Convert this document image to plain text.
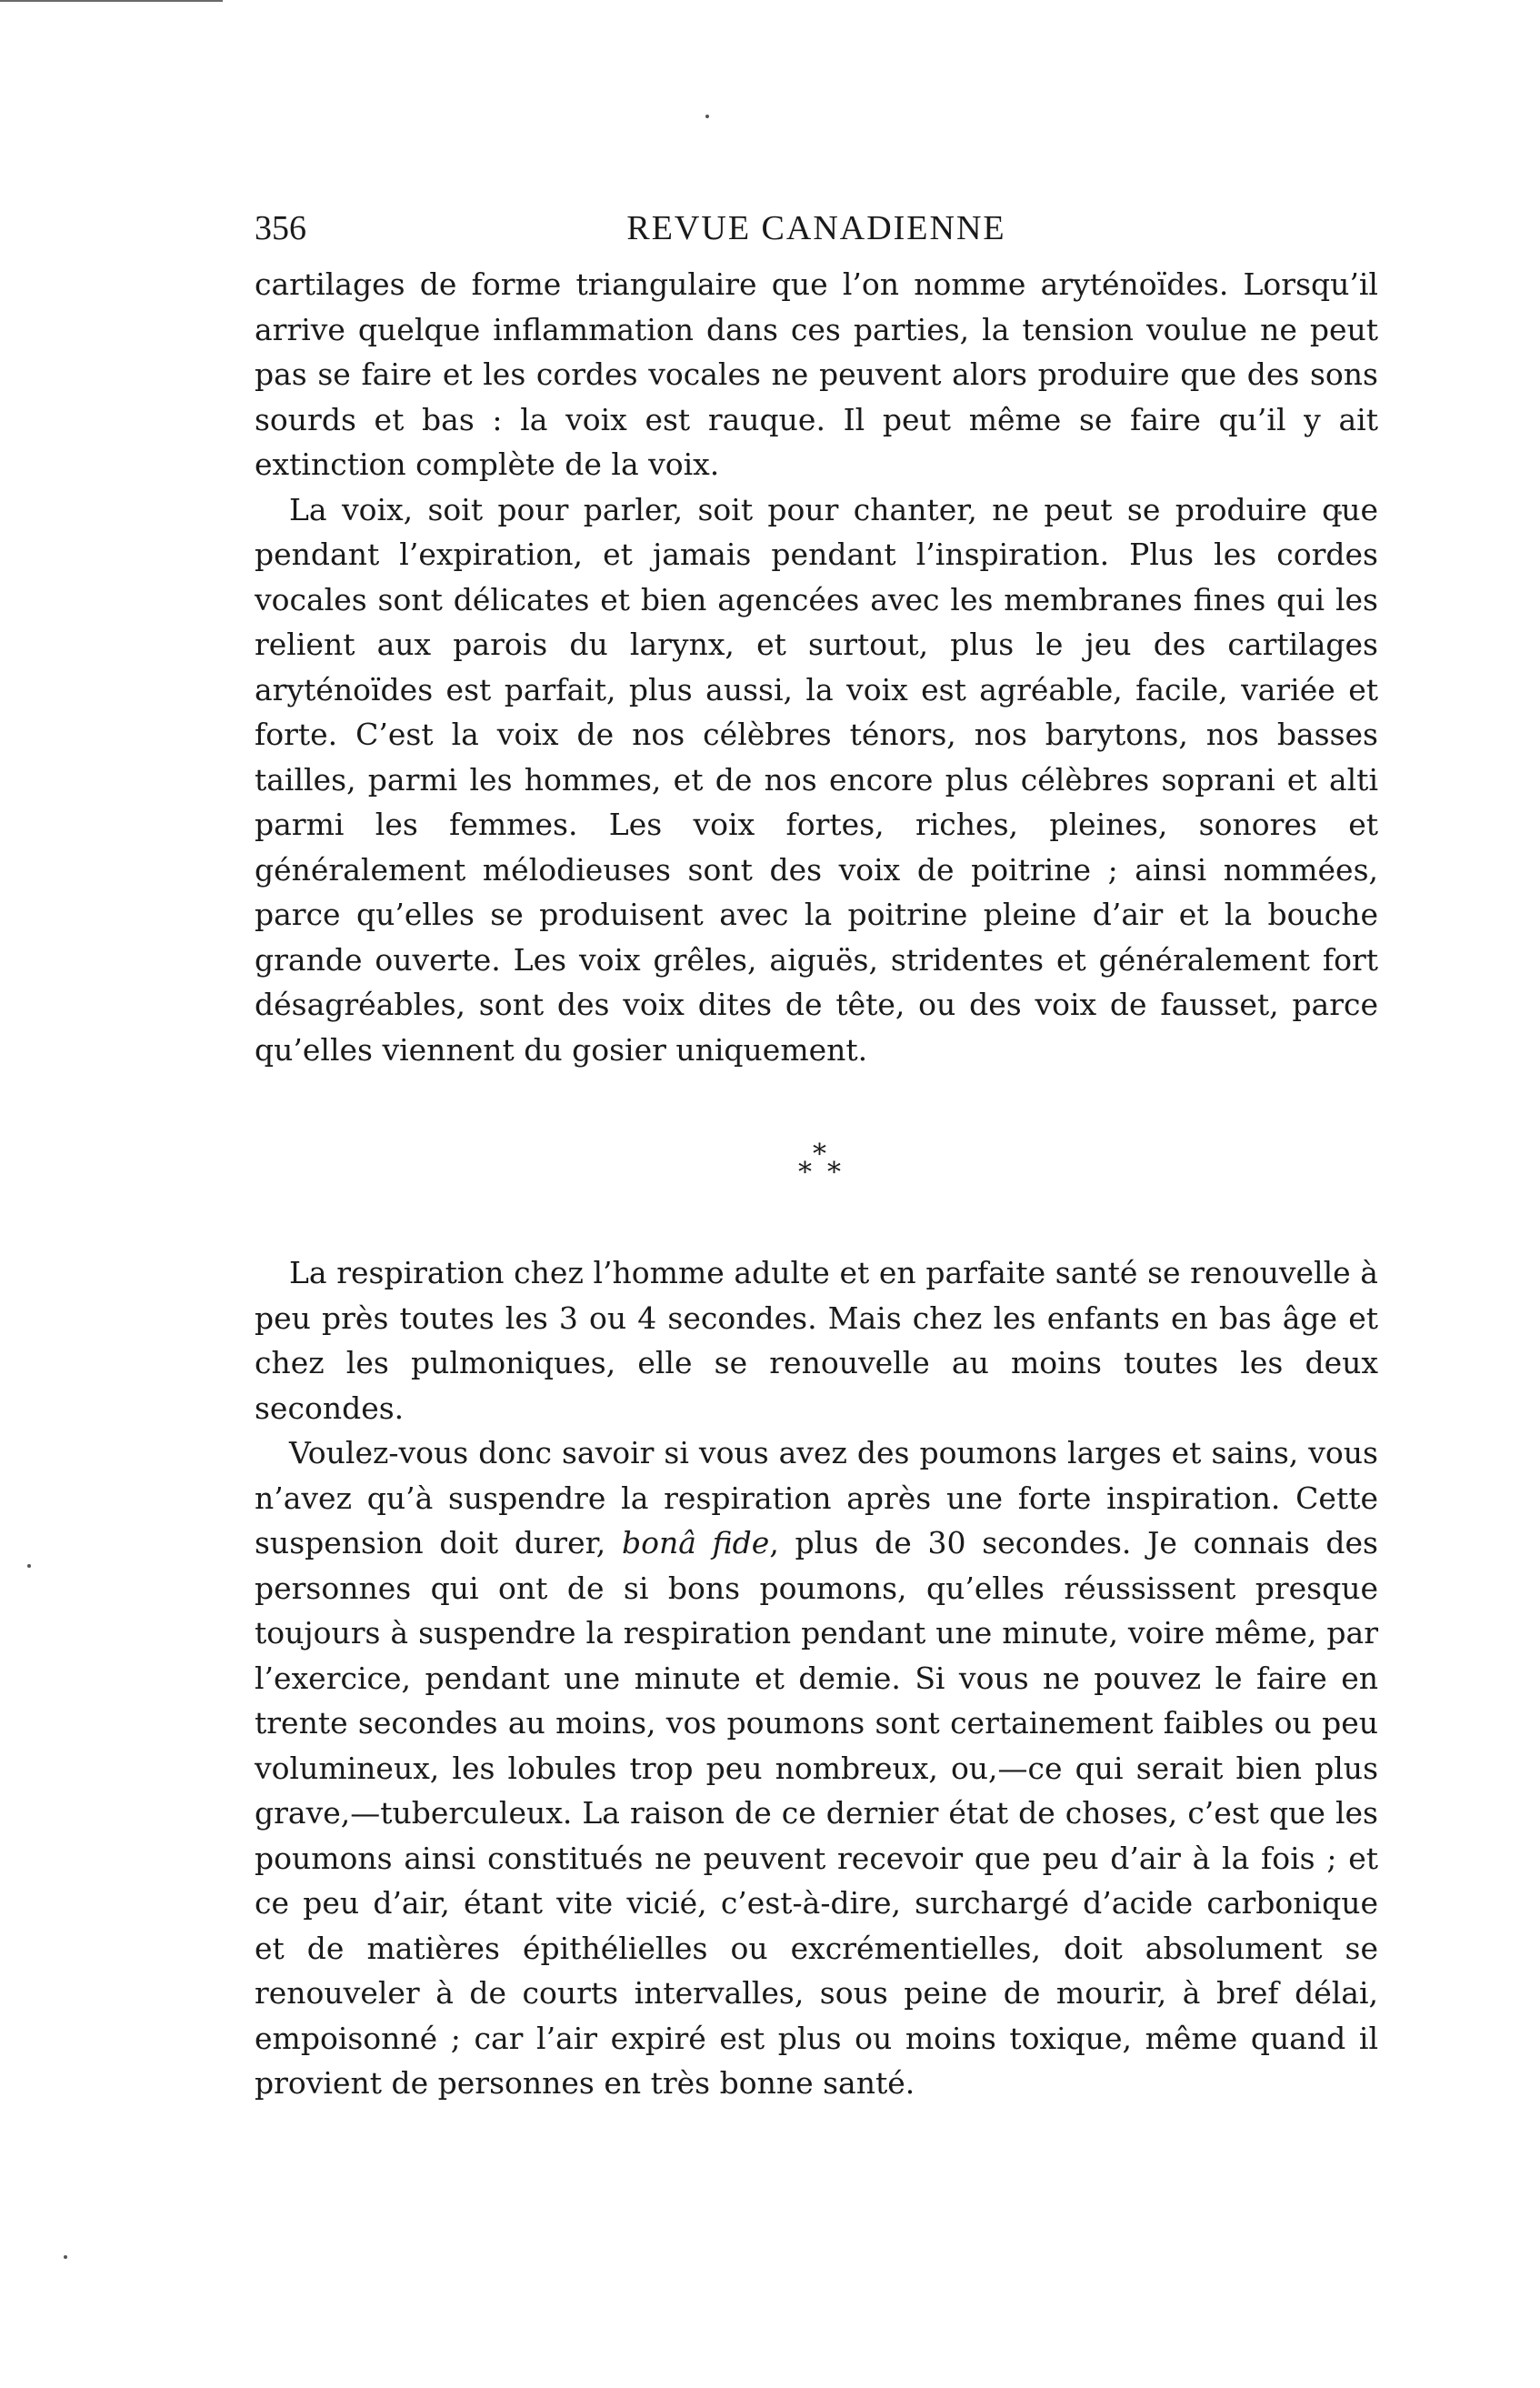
356	REVUE CANADIENNE

cartilages de forme triangulaire que l’on nomme aryténoïdes. Lorsqu’il arrive quelque inflammation dans ces parties, la tension voulue ne peut pas se faire et les cordes vocales ne peuvent alors produire que des sons sourds et bas : la voix est rauque. Il peut même se faire qu’il y ait extinction complète de la voix.

La voix, soit pour parler, soit pour chanter, ne peut se produire que pendant l’expiration, et jamais pendant l’inspiration. Plus les cordes vocales sont délicates et bien agencées avec les membranes fines qui les relient aux parois du larynx, et surtout, plus le jeu des cartilages aryténoïdes est parfait, plus aussi, la voix est agréable, facile, variée et forte. C’est la voix de nos célèbres ténors, nos barytons, nos basses tailles, parmi les hommes, et de nos encore plus célèbres soprani et alti parmi les femmes. Les voix fortes, riches, pleines, sonores et généralement mélodieuses sont des voix de poitrine ; ainsi nommées, parce qu’elles se produisent avec la poitrine pleine d’air et la bouche grande ouverte. Les voix grêles, aiguës, stridentes et généralement fort désagréables, sont des voix dites de tête, ou des voix de fausset, parce qu’elles viennent du gosier uniquement.

*
* *

La respiration chez l’homme adulte et en parfaite santé se renouvelle à peu près toutes les 3 ou 4 secondes. Mais chez les enfants en bas âge et chez les pulmoniques, elle se renouvelle au moins toutes les deux secondes.

Voulez-vous donc savoir si vous avez des poumons larges et sains, vous n’avez qu’à suspendre la respiration après une forte inspiration. Cette suspension doit durer, bonâ fide, plus de 30 secondes. Je connais des personnes qui ont de si bons poumons, qu’elles réussissent presque toujours à suspendre la respiration pendant une minute, voire même, par l’exercice, pendant une minute et demie. Si vous ne pouvez le faire en trente secondes au moins, vos poumons sont certainement faibles ou peu volumineux, les lobules trop peu nombreux, ou,—ce qui serait bien plus grave,—tuberculeux. La raison de ce dernier état de choses, c’est que les poumons ainsi constitués ne peuvent recevoir que peu d’air à la fois ; et ce peu d’air, étant vite vicié, c’est-à-dire, surchargé d’acide carbonique et de matières épithélielles ou excrémentielles, doit absolument se renouveler à de courts intervalles, sous peine de mourir, à bref délai, empoisonné ; car l’air expiré est plus ou moins toxique, même quand il provient de personnes en très bonne santé.
